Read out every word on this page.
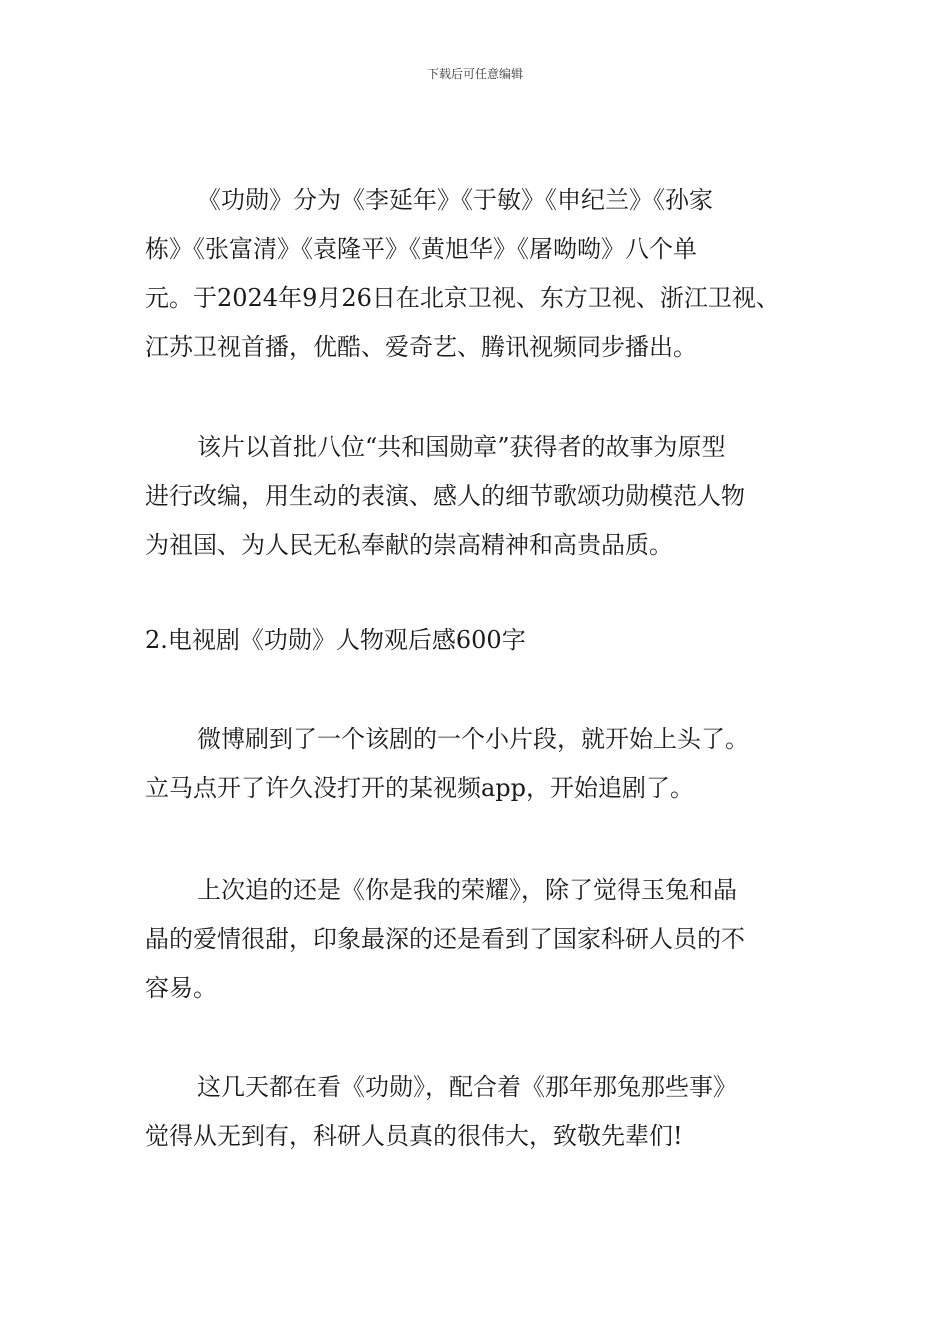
下载后可任意编辑

《功勋》分为《李延年》《于敏》《申纪兰》《孙家
栋》《张富清》《袁隆平》《黄旭华》《屠呦呦》八个单
元。于2024年9月26日在北京卫视、东方卫视、浙江卫视、
江苏卫视首播，优酷、爱奇艺、腾讯视频同步播出。

该片以首批八位“共和国勋章”获得者的故事为原型
进行改编，用生动的表演、感人的细节歌颂功勋模范人物
为祖国、为人民无私奉献的崇高精神和高贵品质。

2.电视剧《功勋》人物观后感600字

微博刷到了一个该剧的一个小片段，就开始上头了。
立马点开了许久没打开的某视频app，开始追剧了。

上次追的还是《你是我的荣耀》，除了觉得玉兔和晶
晶的爱情很甜，印象最深的还是看到了国家科研人员的不
容易。

这几天都在看《功勋》，配合着《那年那兔那些事》
觉得从无到有，科研人员真的很伟大，致敬先辈们!
